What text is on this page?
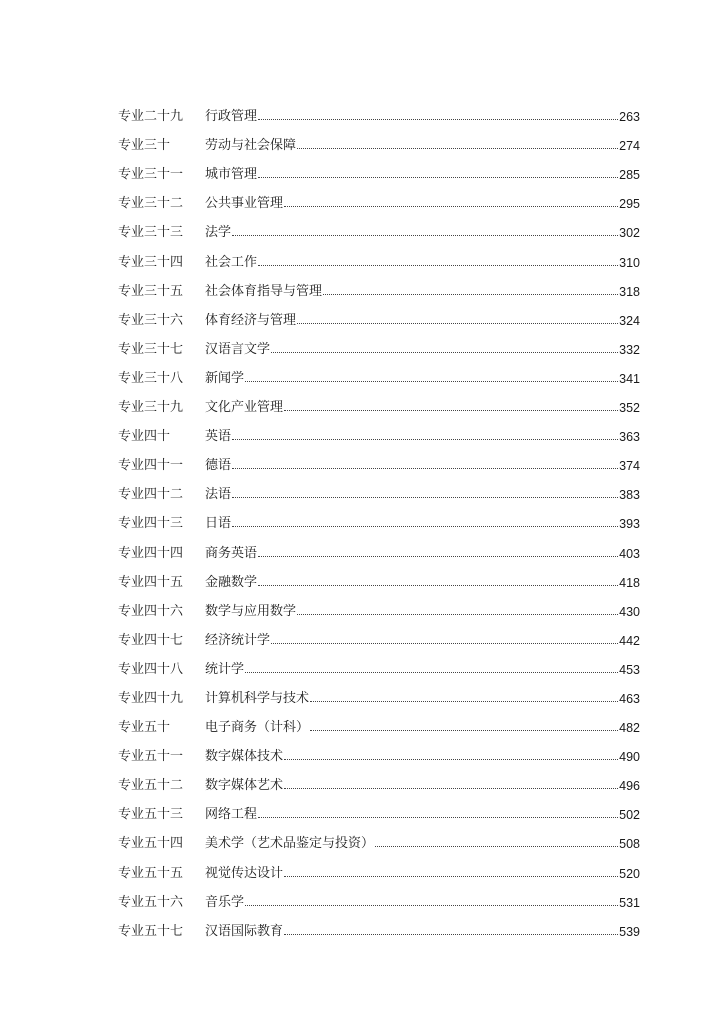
专业二十九	行政管理	263
专业三十	劳动与社会保障	274
专业三十一	城市管理	285
专业三十二	公共事业管理	295
专业三十三	法学	302
专业三十四	社会工作	310
专业三十五	社会体育指导与管理	318
专业三十六	体育经济与管理	324
专业三十七	汉语言文学	332
专业三十八	新闻学	341
专业三十九	文化产业管理	352
专业四十	英语	363
专业四十一	德语	374
专业四十二	法语	383
专业四十三	日语	393
专业四十四	商务英语	403
专业四十五	金融数学	418
专业四十六	数学与应用数学	430
专业四十七	经济统计学	442
专业四十八	统计学	453
专业四十九	计算机科学与技术	463
专业五十	电子商务（计科）	482
专业五十一	数字媒体技术	490
专业五十二	数字媒体艺术	496
专业五十三	网络工程	502
专业五十四	美术学（艺术品鉴定与投资）	508
专业五十五	视觉传达设计	520
专业五十六	音乐学	531
专业五十七	汉语国际教育	539
